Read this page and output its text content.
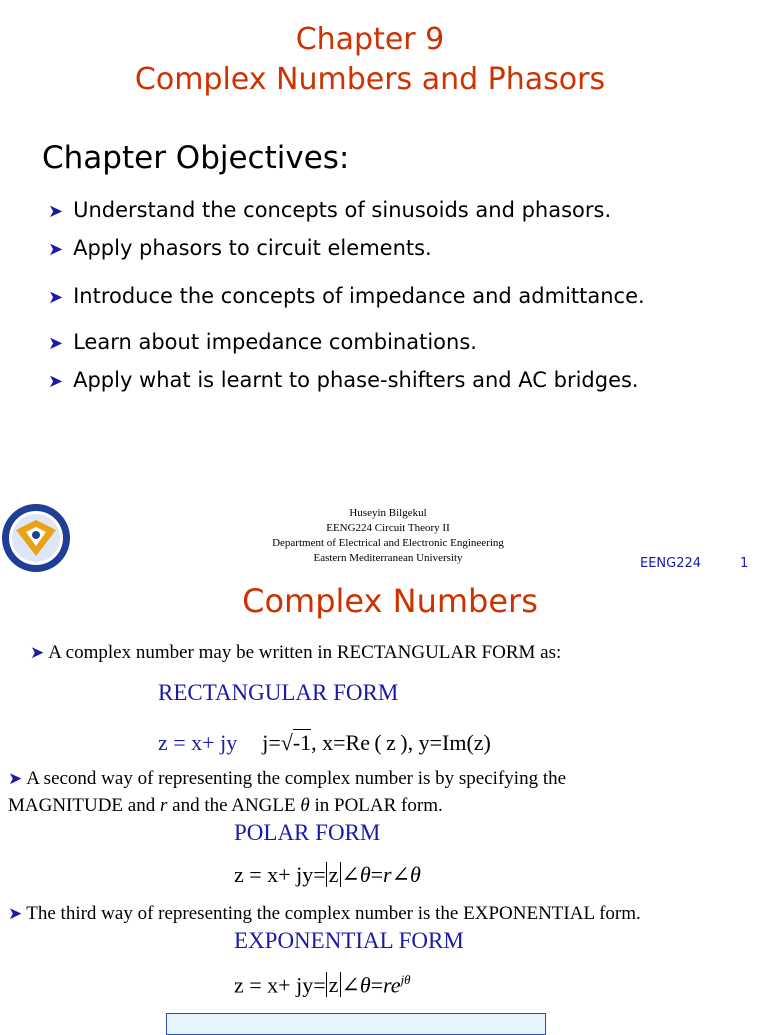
Chapter 9
Complex Numbers and Phasors
Chapter Objectives:
➤ Understand the concepts of sinusoids and phasors.
➤ Apply phasors to circuit elements.
➤ Introduce the concepts of impedance and admittance.
➤ Learn about impedance combinations.
➤ Apply what is learnt to phase-shifters and AC bridges.
Huseyin Bilgekul
EENG224 Circuit Theory II
Department of Electrical and Electronic Engineering
Eastern Mediterranean University	EENG224	1
Complex Numbers
➤ A complex number may be written in RECTANGULAR FORM as:
RECTANGULAR FORM
z = x+ jy j=√-1, x=Re ( z ), y=Im(z)
➤ A second way of representing the complex number is by specifying the
MAGNITUDE and r and the ANGLE θ in POLAR form.
POLAR FORM
z = x+ jy= z ∠θ=r∠θ
➤ The third way of representing the complex number is the EXPONENTIAL form.
EXPONENTIAL FORM
z = x+ jy= z $\angle\theta=re^{j\theta}$
